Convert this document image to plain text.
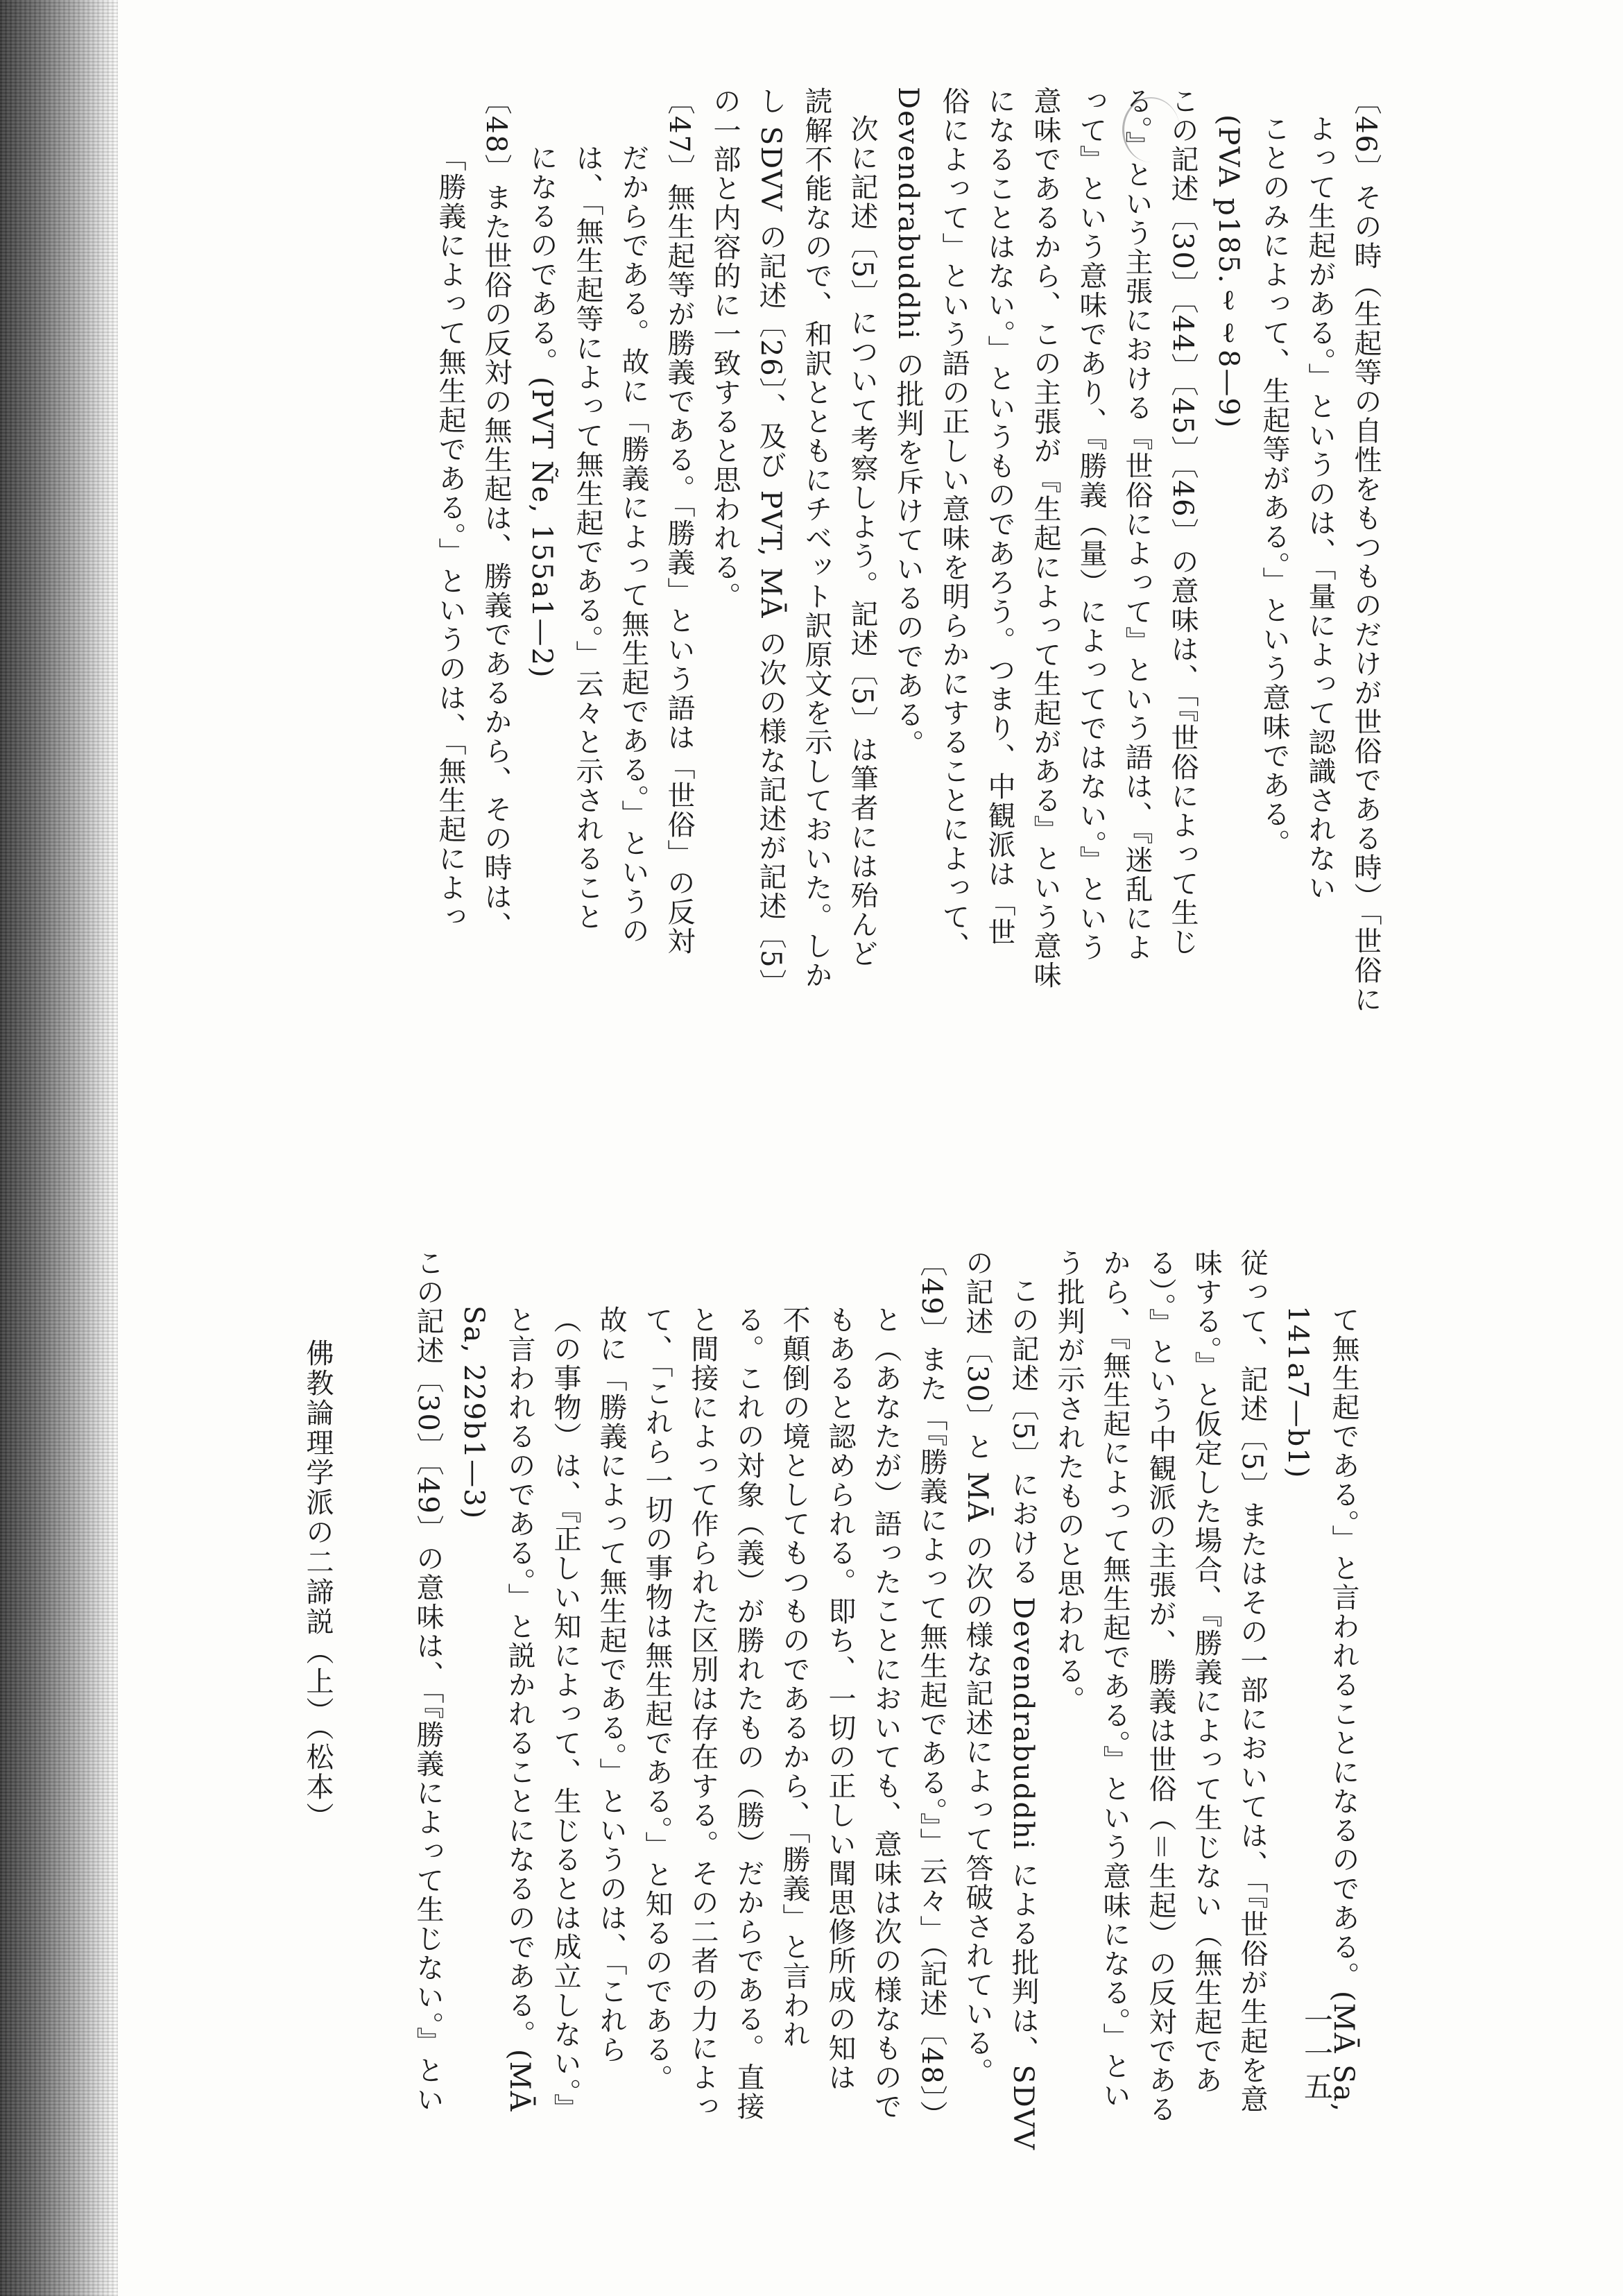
〔46〕その時（生起等の自性をもつものだけが世俗である時）「世俗に

よって生起がある。」というのは、「量によって認識されない

ことのみによって、生起等がある。」という意味である。

(PVA p185.ℓℓ8—9)

この記述〔30〕〔44〕〔45〕〔46〕の意味は、「『世俗によって生じ

る。』という主張における『世俗によって』という語は、『迷乱によ

って』という意味であり、『勝義（量）によってではない。』という

意味であるから、この主張が『生起によって生起がある』という意味

になることはない。」というものであろう。つまり、中観派は「世

俗によって」という語の正しい意味を明らかにすることによって、

Devendrabuddhi の批判を斥けているのである。

次に記述〔5〕について考察しよう。記述〔5〕は筆者には殆んど

読解不能なので、和訳とともにチベット訳原文を示しておいた。しか

し SDVV の記述〔26〕、及び PVT, MĀ の次の様な記述が記述〔5〕

の一部と内容的に一致すると思われる。

〔47〕無生起等が勝義である。「勝義」という語は「世俗」の反対

だからである。故に「勝義によって無生起である。」というの

は、「無生起等によって無生起である。」云々と示されること

になるのである。(PVT Ñe, 155a1—2)

〔48〕また世俗の反対の無生起は、勝義であるから、その時は、

「勝義によって無生起である。」というのは、「無生起によっ

て無生起である。」と言われることになるのである。(MĀ Sa,

141a7—b1)

従って、記述〔5〕またはその一部においては、「『世俗が生起を意

味する。』と仮定した場合、『勝義によって生じない（無生起であ

る）。』という中観派の主張が、勝義は世俗（＝生起）の反対である

から、『無生起によって無生起である。』という意味になる。」とい

う批判が示されたものと思われる。

この記述〔5〕における Devendrabuddhi による批判は、SDVV

の記述〔30〕と MĀ の次の様な記述によって答破されている。

〔49〕また「『勝義によって無生起である。』」云々」（記述〔48〕）

と（あなたが）語ったことにおいても、意味は次の様なもので

もあると認められる。即ち、一切の正しい聞思修所成の知は

不顛倒の境としてもつものであるから、「勝義」と言われ

る。これの対象（義）が勝れたもの（勝）だからである。直接

と間接によって作られた区別は存在する。その二者の力によっ

て、「これら一切の事物は無生起である。」と知るのである。

故に「勝義によって無生起である。」というのは、「これら

（の事物）は、『正しい知によって、生じるとは成立しない。』

と言われるのである。」と説かれることになるのである。(MĀ

Sa, 229b1—3)

この記述〔30〕〔49〕の意味は、「『勝義によって生じない。』とい

佛教論理学派の二諦説（上）（松本）
一一五
